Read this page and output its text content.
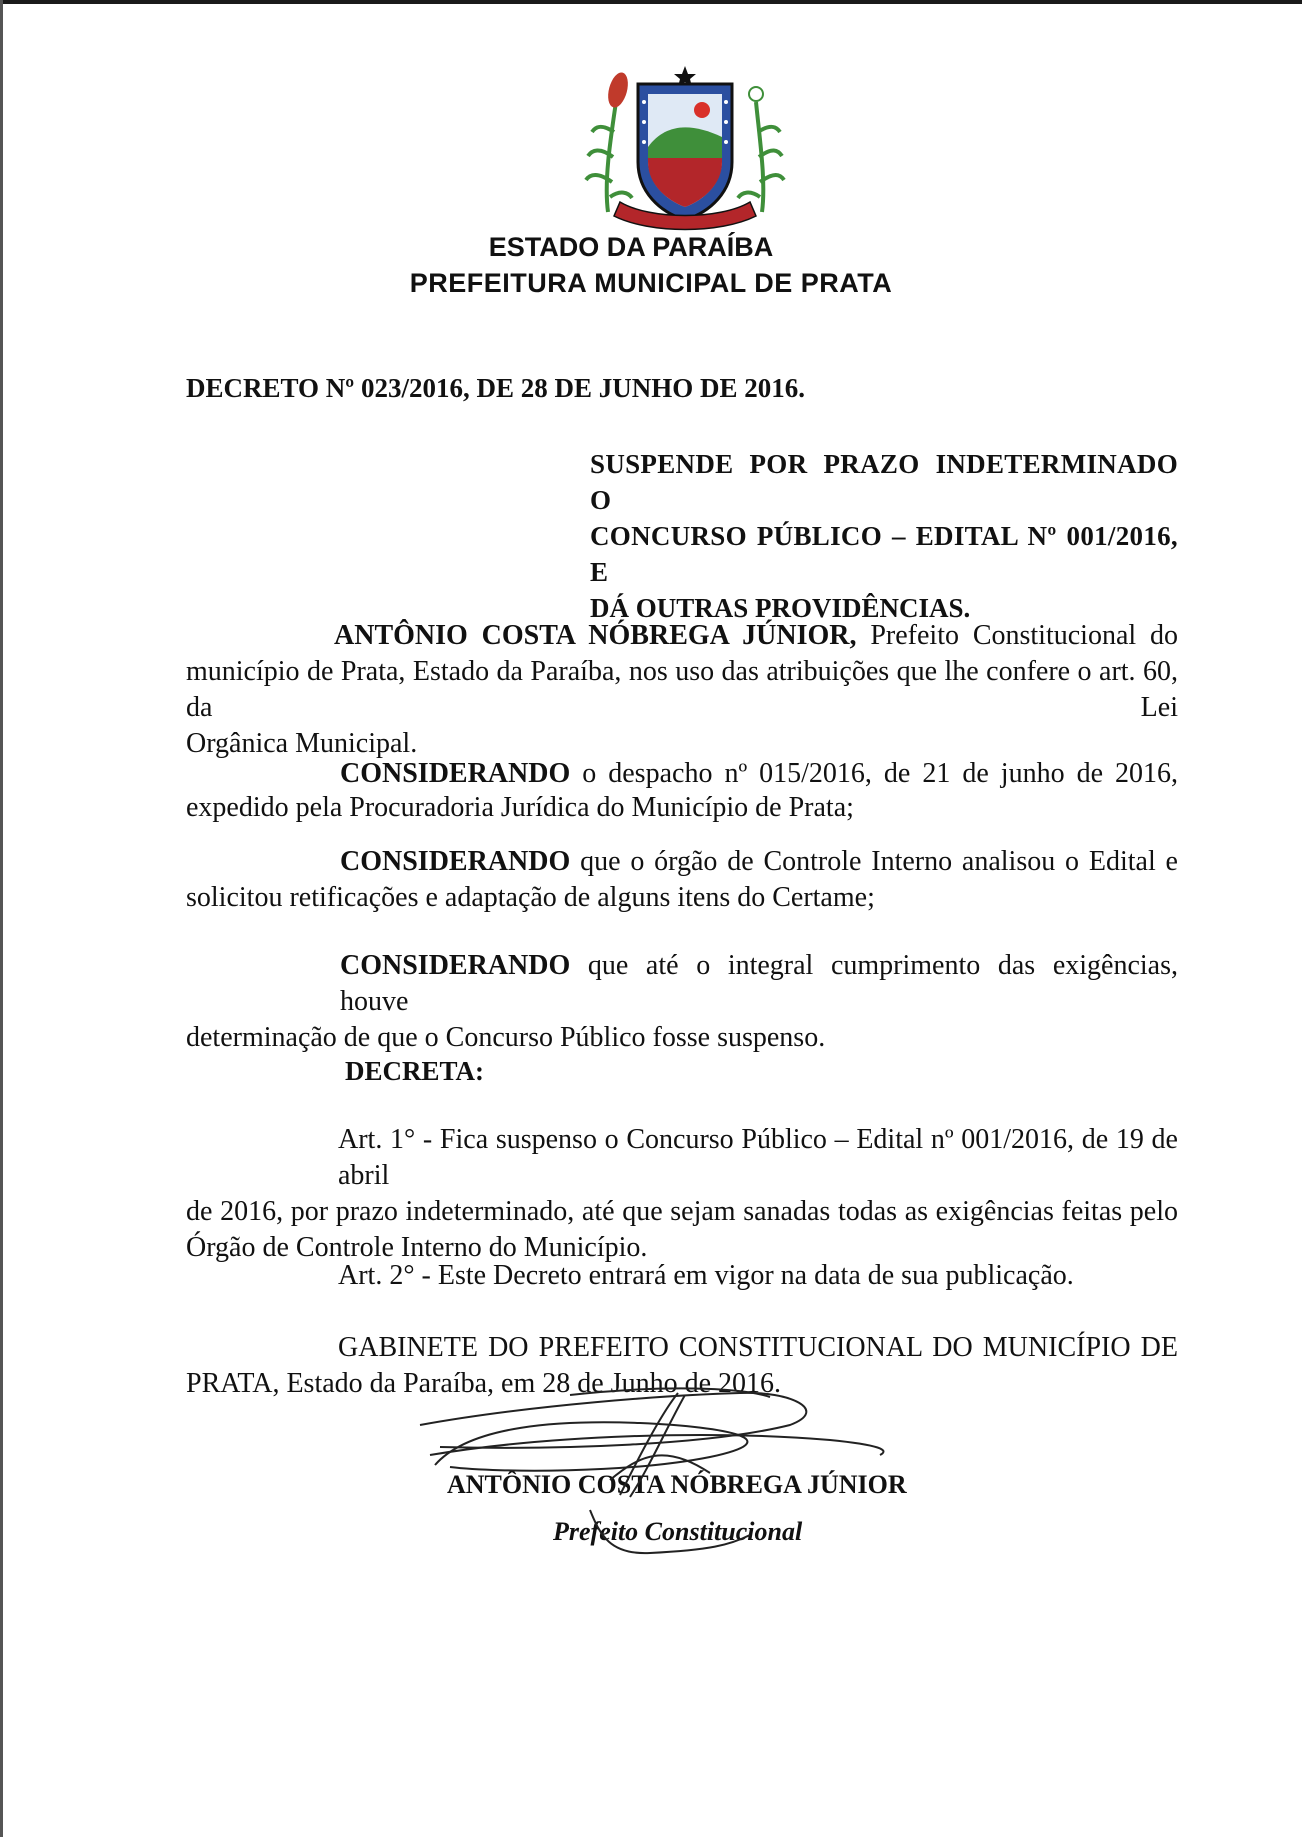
ESTADO DA PARAÍBA
PREFEITURA MUNICIPAL DE PRATA
DECRETO Nº 023/2016, DE 28 DE JUNHO DE 2016.
SUSPENDE POR PRAZO INDETERMINADO O
CONCURSO PÚBLICO – EDITAL Nº 001/2016, E
DÁ OUTRAS PROVIDÊNCIAS.
ANTÔNIO COSTA NÓBREGA JÚNIOR, Prefeito Constitucional do
município de Prata, Estado da Paraíba, nos uso das atribuições que lhe confere o art. 60, da Lei
Orgânica Municipal.
CONSIDERANDO o despacho nº 015/2016, de 21 de junho de 2016,
expedido pela Procuradoria Jurídica do Município de Prata;
CONSIDERANDO que o órgão de Controle Interno analisou o Edital e
solicitou retificações e adaptação de alguns itens do Certame;
CONSIDERANDO que até o integral cumprimento das exigências, houve
determinação de que o Concurso Público fosse suspenso.
DECRETA:
Art. 1° - Fica suspenso o Concurso Público – Edital nº 001/2016, de 19 de abril
de 2016, por prazo indeterminado, até que sejam sanadas todas as exigências feitas pelo
Órgão de Controle Interno do Município.
Art. 2° - Este Decreto entrará em vigor na data de sua publicação.
GABINETE DO PREFEITO CONSTITUCIONAL DO MUNICÍPIO DE
PRATA, Estado da Paraíba, em 28 de Junho de 2016.
ANTÔNIO COSTA NÓBREGA JÚNIOR
Prefeito Constitucional
